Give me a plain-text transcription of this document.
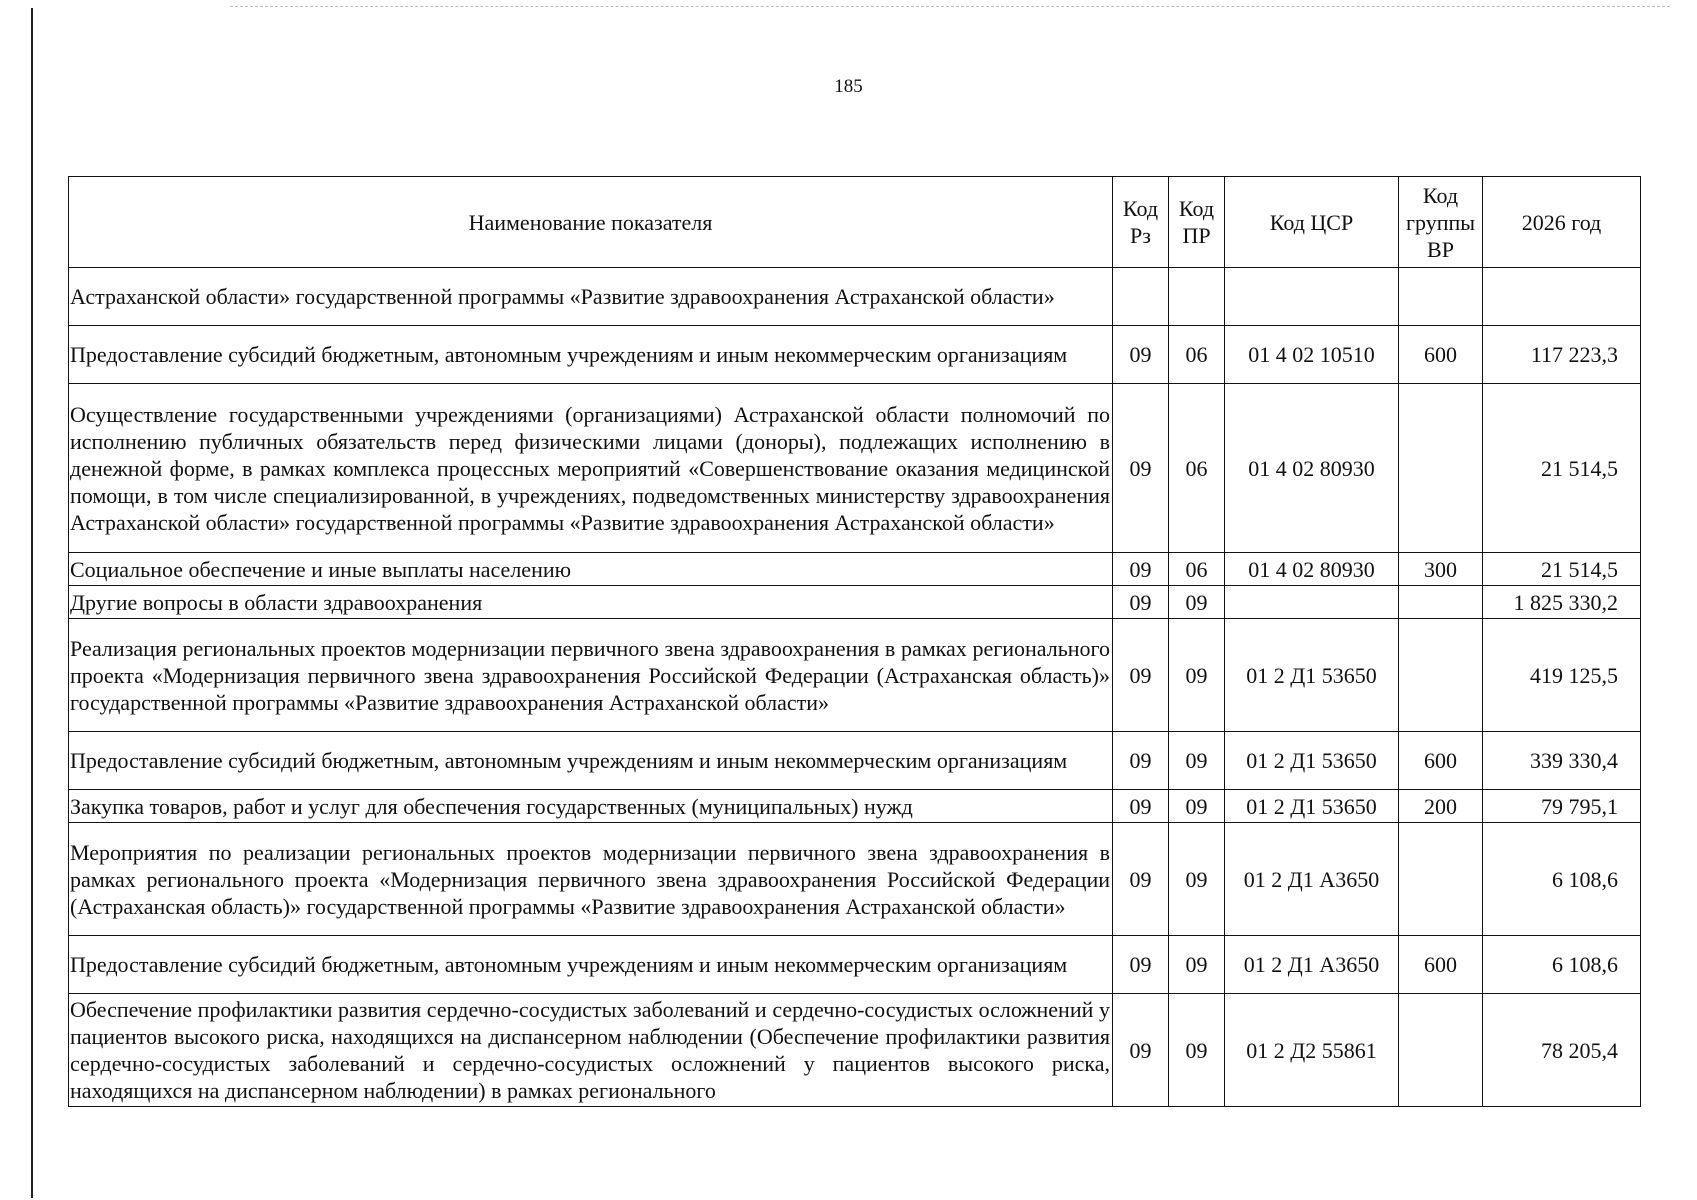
185
Наименование показателя	Код Рз	Код ПР	Код ЦСР	Код группы ВР	2026 год
Астраханской области» государственной программы «Развитие здравоохранения Астраханской области»					
Предоставление субсидий бюджетным, автономным учреждениям и иным некоммерческим организациям	09	06	01 4 02 10510	600	117 223,3
Осуществление государственными учреждениями (организациями) Астраханской области полномочий по исполнению публичных обязательств перед физическими лицами (доноры), подлежащих исполнению в денежной форме, в рамках комплекса процессных мероприятий «Совершенствование оказания медицинской помощи, в том числе специализированной, в учреждениях, подведомственных министерству здравоохранения Астраханской области» государственной программы «Развитие здравоохранения Астраханской области»	09	06	01 4 02 80930		21 514,5
Социальное обеспечение и иные выплаты населению	09	06	01 4 02 80930	300	21 514,5
Другие вопросы в области здравоохранения	09	09			1 825 330,2
Реализация региональных проектов модернизации первичного звена здравоохранения в рамках регионального проекта «Модернизация первичного звена здравоохранения Российской Федерации (Астраханская область)» государственной программы «Развитие здравоохранения Астраханской области»	09	09	01 2 Д1 53650		419 125,5
Предоставление субсидий бюджетным, автономным учреждениям и иным некоммерческим организациям	09	09	01 2 Д1 53650	600	339 330,4
Закупка товаров, работ и услуг для обеспечения государственных (муниципальных) нужд	09	09	01 2 Д1 53650	200	79 795,1
Мероприятия по реализации региональных проектов модернизации первичного звена здравоохранения в рамках регионального проекта «Модернизация первичного звена здравоохранения Российской Федерации (Астраханская область)» государственной программы «Развитие здравоохранения Астраханской области»	09	09	01 2 Д1 А3650		6 108,6
Предоставление субсидий бюджетным, автономным учреждениям и иным некоммерческим организациям	09	09	01 2 Д1 А3650	600	6 108,6
Обеспечение профилактики развития сердечно-сосудистых заболеваний и сердечно-сосудистых осложнений у пациентов высокого риска, находящихся на диспансерном наблюдении (Обеспечение профилактики развития сердечно-сосудистых заболеваний и сердечно-сосудистых осложнений у пациентов высокого риска, находящихся на диспансерном наблюдении) в рамках регионального	09	09	01 2 Д2 55861		78 205,4
